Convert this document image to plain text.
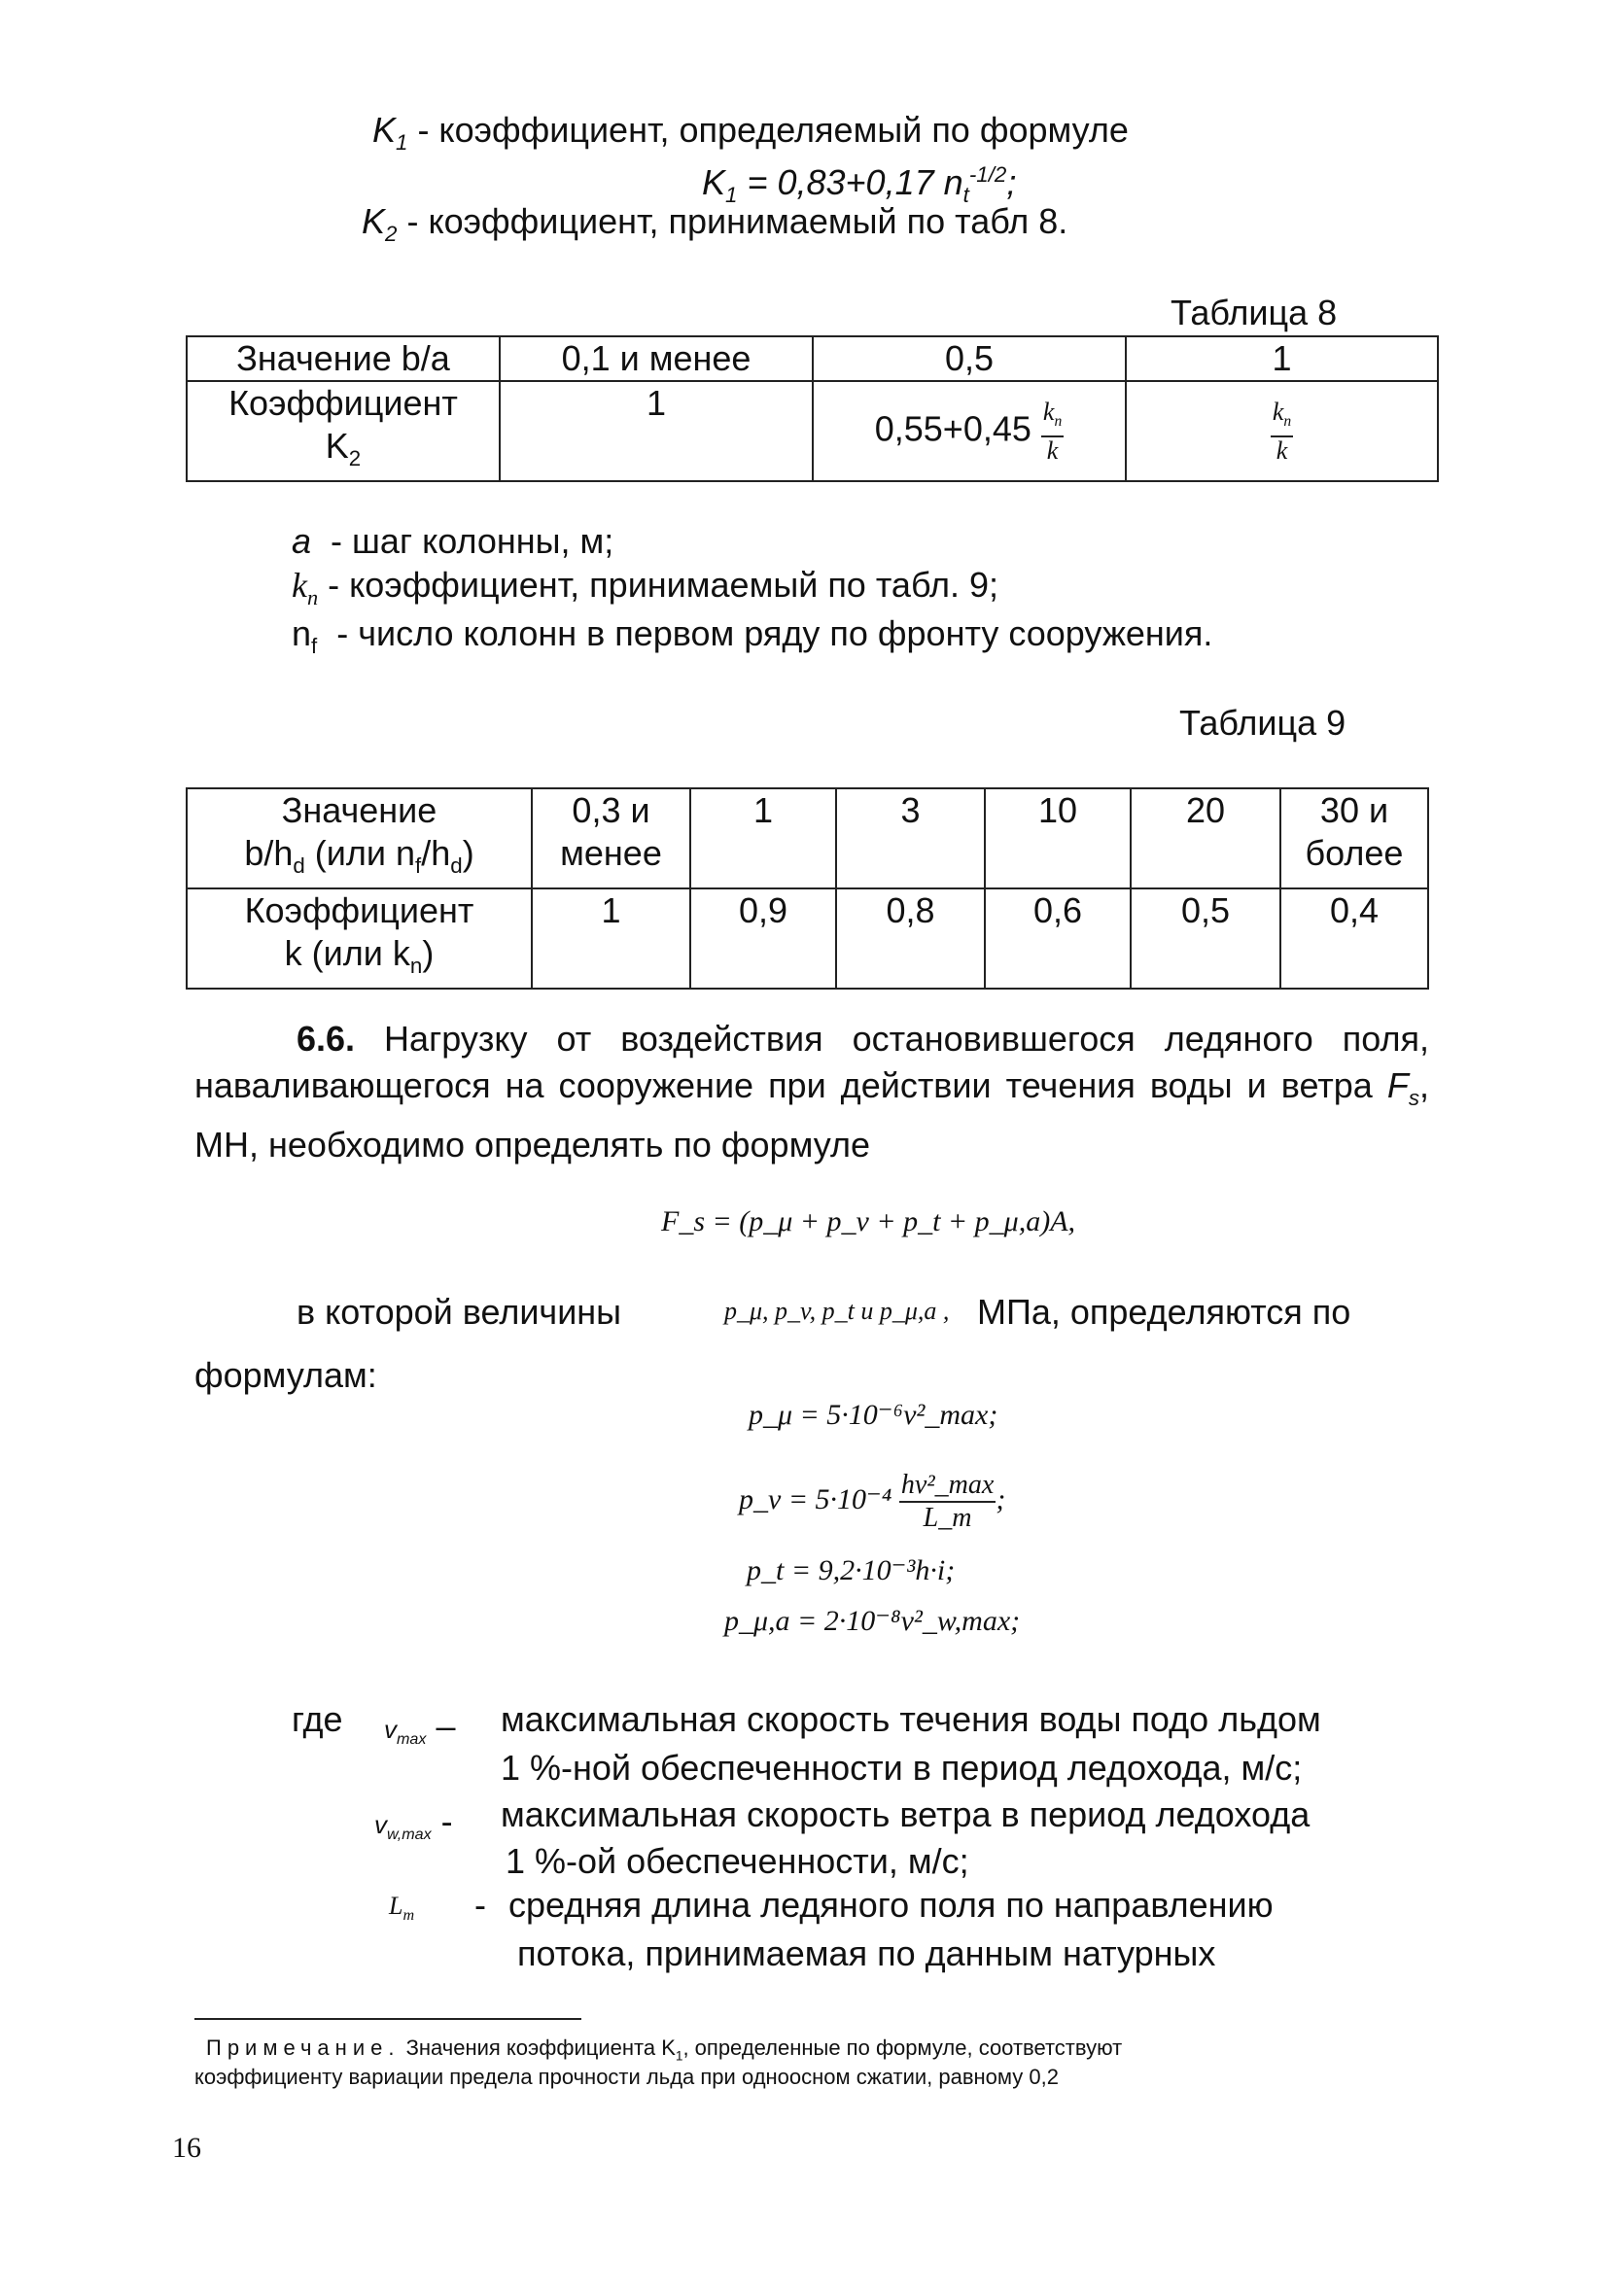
$K_1$ - коэффициент, определяемый по формуле
$K_1 = 0,83+0,17$ $n_t^{-1/2}$;
$K_2$ - коэффициент, принимаемый по табл 8.
Таблица 8
Значение b/a	0,1 и менее	0,5	1
Коэффициент
$K_2$	1	$0,55+0,45 \frac{k_n}{k}$	$\frac{k_n}{k}$
a - шаг колонны, м;
$k_n$ - коэффициент, принимаемый по табл. 9;
$n_f$ - число колонн в первом ряду по фронту сооружения.
Таблица 9
Значение
$b/h_d$ (или $n_f/h_d$)	0,3 и менее	1	3	10	20	30 и более
Коэффициент
k (или $k_n$)	1	0,9	0,8	0,6	0,5	0,4
6.6. Нагрузку от воздействия остановившегося ледяного поля, наваливающегося на сооружение при действии течения воды и ветра $F_s$, МН, необходимо определять по формуле
F_s = (p_μ + p_v + p_t + p_μ,a)A,
в которой величины	p_μ, p_v, p_t и p_μ,a , МПа, определяются по
формулам:
p_μ = 5·10⁻⁶v²_max;
p_v = $5\cdot 10^{-4} \frac{\text{hv²\_max}}{L\_m}$ ;
p_t = 9,2·10⁻³h·i;
p_μ,a = 2·10⁻⁸v²_w,max;
где $v_{max}$ – максимальная скорость течения воды подо льдом
1 %-ной обеспеченности в период ледохода, м/с;
$v_{w,max}$ - максимальная скорость ветра в период ледохода
1 %-ой обеспеченности, м/с;
$L_m$ - средняя длина ледяного поля по направлению
потока, принимаемая по данным натурных
Примечание. Значения коэффициента $K_1$, определенные по формуле, соответствуют
коэффициенту вариации предела прочности льда при одноосном сжатии, равному 0,2
16
